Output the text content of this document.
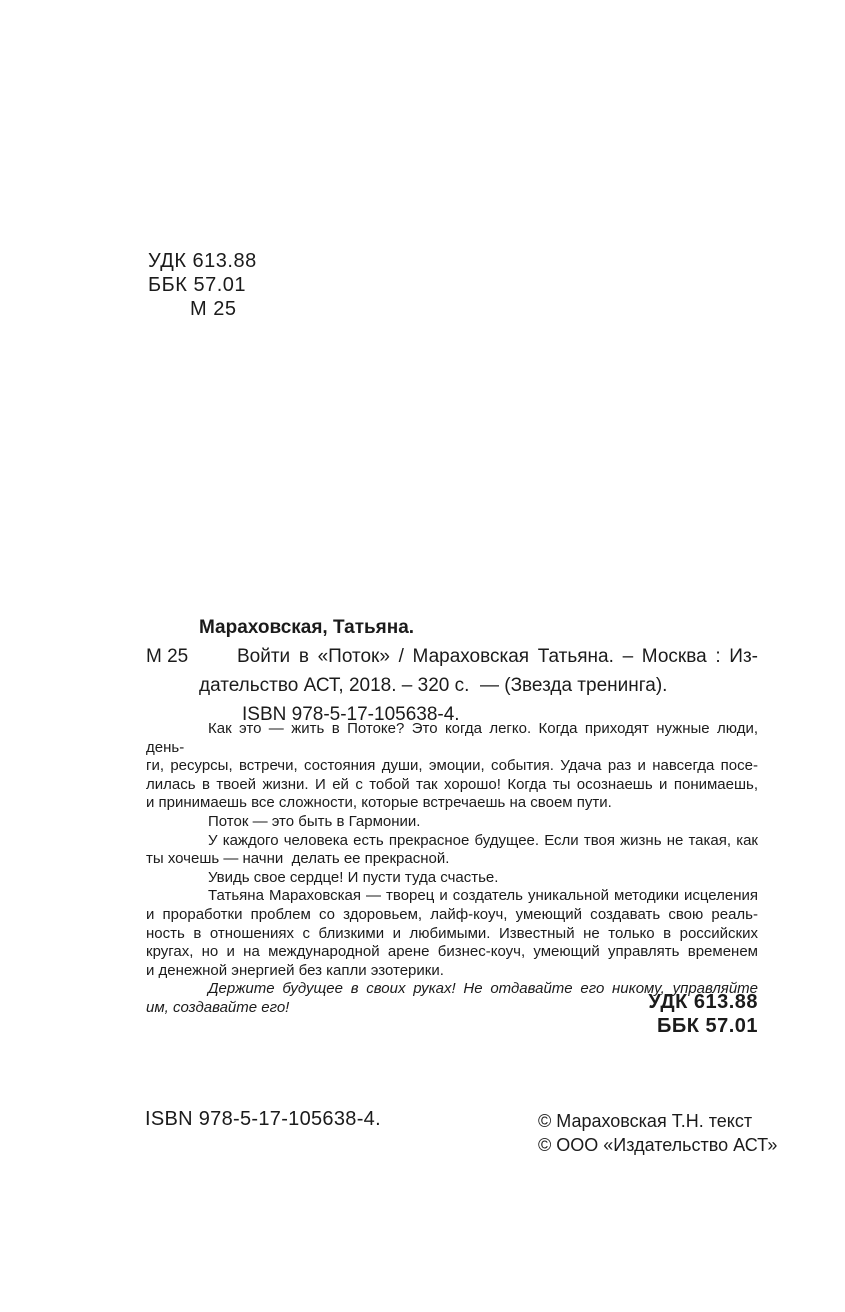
УДК 613.88
ББК 57.01
М 25
Мараховская, Татьяна.
М 25	Войти в «Поток» / Мараховская Татьяна. – Москва : Из-
дательство АСТ, 2018. – 320 с.  — (Звезда тренинга).
ISBN 978-5-17-105638-4.
Как это — жить в Потоке? Это когда легко. Когда приходят нужные люди, день-
ги, ресурсы, встречи, состояния души, эмоции, события. Удача раз и навсегда посе-
лилась в твоей жизни. И ей с тобой так хорошо! Когда ты осознаешь и понимаешь,
и принимаешь все сложности, которые встречаешь на своем пути.
Поток — это быть в Гармонии.
У каждого человека есть прекрасное будущее. Если твоя жизнь не такая, как
ты хочешь — начни  делать ее прекрасной.
Увидь свое сердце! И пусти туда счастье.
Татьяна Мараховская — творец и создатель уникальной методики исцеления
и проработки проблем со здоровьем, лайф-коуч, умеющий создавать свою реаль-
ность в отношениях с близкими и любимыми. Известный не только в российских
кругах, но и на международной арене бизнес-коуч, умеющий управлять временем
и денежной энергией без капли эзотерики.
Держите будущее в своих руках! Не отдавайте его никому, управляйте
им, создавайте его!	УДК 613.88
ББК 57.01
ISBN 978-5-17-105638-4.	© Мараховская Т.Н. текст
© ООО «Издательство АСТ»
